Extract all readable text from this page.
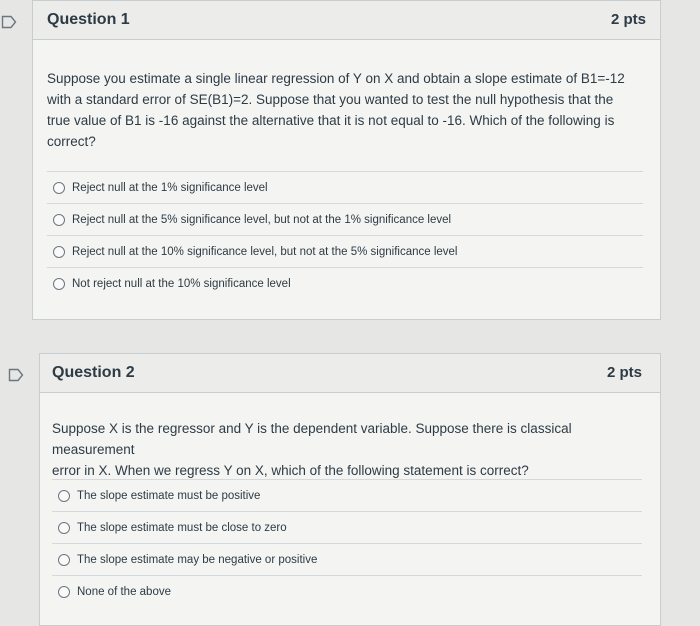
Question 1	2 pts
Suppose you estimate a single linear regression of Y on X and obtain a slope estimate of B1=-12
with a standard error of SE(B1)=2. Suppose that you wanted to test the null hypothesis that the
true value of B1 is -16 against the alternative that it is not equal to -16. Which of the following is
correct?
Reject null at the 1% significance level
Reject null at the 5% significance level, but not at the 1% significance level
Reject null at the 10% significance level, but not at the 5% significance level
Not reject null at the 10% significance level
Question 2	2 pts
Suppose X is the regressor and Y is the dependent variable. Suppose there is classical measurement
error in X. When we regress Y on X, which of the following statement is correct?
The slope estimate must be positive
The slope estimate must be close to zero
The slope estimate may be negative or positive
None of the above
